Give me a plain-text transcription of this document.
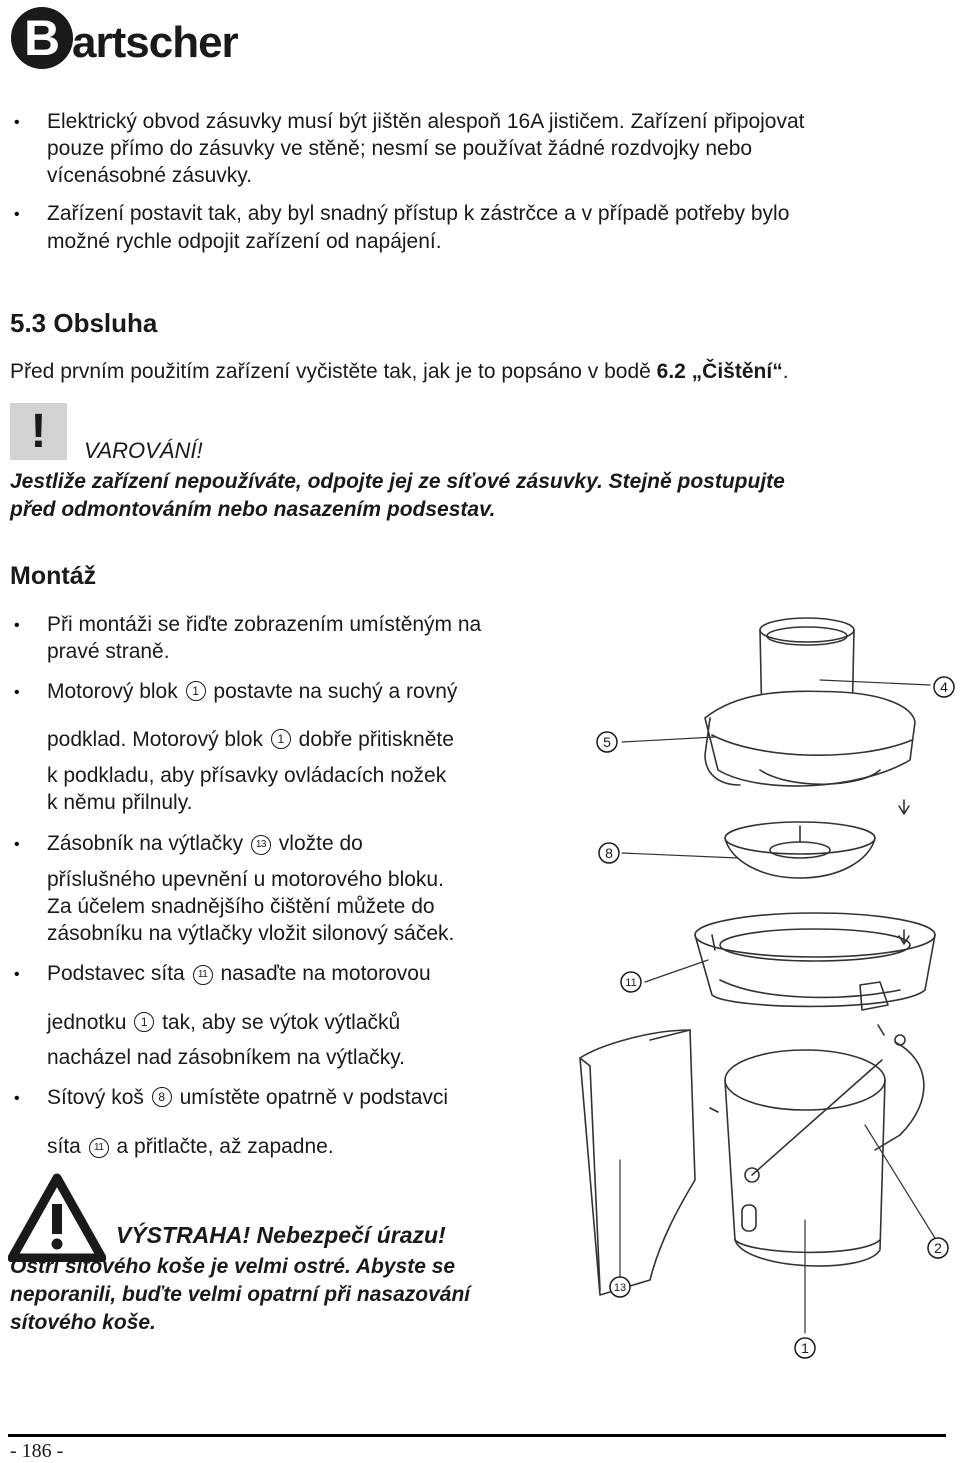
B artscher
• Elektrický obvod zásuvky musí být jištěn alespoň 16A jističem. Zařízení připojovat

pouze přímo do zásuvky ve stěně; nesmí se používat žádné rozdvojky nebo

vícenásobné zásuvky.

• Zařízení postavit tak, aby byl snadný přístup k zástrčce a v případě potřeby bylo

možné rychle odpojit zařízení od napájení.

5.3 Obsluha
Před prvním použitím zařízení vyčistěte tak, jak je to popsáno v bodě 6.2 „Čištění“.
!	VAROVÁNÍ!
Jestliže zařízení nepoužíváte, odpojte jej ze síťové zásuvky. Stejně postupujte
před odmontováním nebo nasazením podsestav.
Montáž
• Při montáži se řiďte zobrazením umístěným na

pravé straně.

• Motorový blok 1 postavte na suchý a rovný

podklad. Motorový blok 1 dobře přitiskněte

k podkladu, aby přísavky ovládacích nožek

k němu přilnuly.

• Zásobník na výtlačky 13 vložte do

příslušného upevnění u motorového bloku.

Za účelem snadnějšího čištění můžete do

zásobníku na výtlačky vložit silonový sáček.

• Podstavec síta 11 nasaďte na motorovou

jednotku 1 tak, aby se výtok výtlačků

nacházel nad zásobníkem na výtlačky.

• Sítový koš 8 umístěte opatrně v podstavci

síta 11 a přitlačte, až zapadne.

VÝSTRAHA! Nebezpečí úrazu!
Ostří sítového koše je velmi ostré. Abyste se
neporanili, buďte velmi opatrní při nasazování
sítového koše.
4
5
8
11
2
13
1
- 186 -
